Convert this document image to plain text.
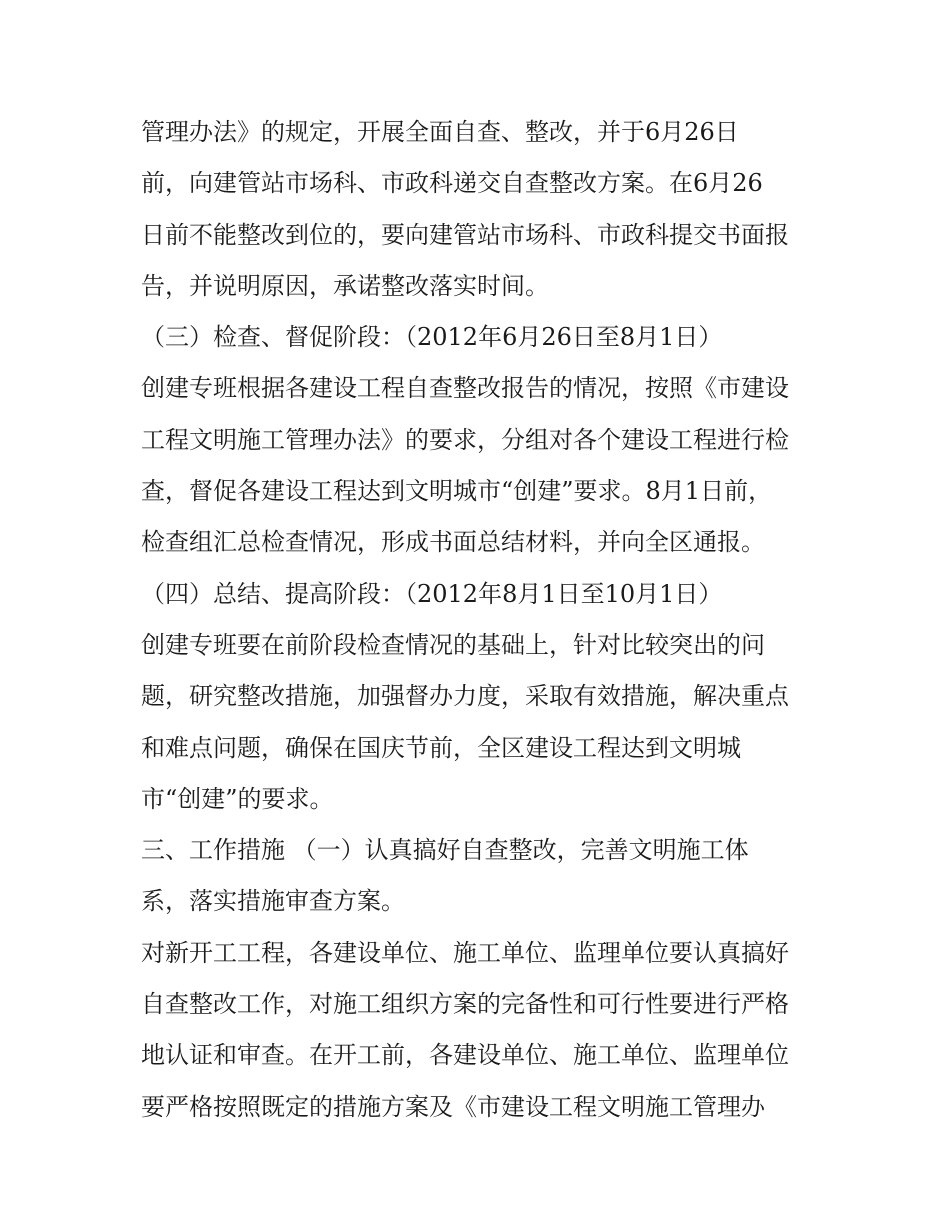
管理办法》的规定，开展全面自查、整改，并于6月26日
前，向建管站市场科、市政科递交自查整改方案。在6月26
日前不能整改到位的，要向建管站市场科、市政科提交书面报
告，并说明原因，承诺整改落实时间。
（三）检查、督促阶段：（2012年6月26日至8月1日）
创建专班根据各建设工程自查整改报告的情况，按照《市建设
工程文明施工管理办法》的要求，分组对各个建设工程进行检
查，督促各建设工程达到文明城市“创建”要求。8月1日前，
检查组汇总检查情况，形成书面总结材料，并向全区通报。
（四）总结、提高阶段：（2012年8月1日至10月1日）
创建专班要在前阶段检查情况的基础上，针对比较突出的问
题，研究整改措施，加强督办力度，采取有效措施，解决重点
和难点问题，确保在国庆节前，全区建设工程达到文明城
市“创建”的要求。
三、工作措施 （一）认真搞好自查整改，完善文明施工体
系，落实措施审查方案。
对新开工工程，各建设单位、施工单位、监理单位要认真搞好
自查整改工作，对施工组织方案的完备性和可行性要进行严格
地认证和审查。在开工前，各建设单位、施工单位、监理单位
要严格按照既定的措施方案及《市建设工程文明施工管理办
